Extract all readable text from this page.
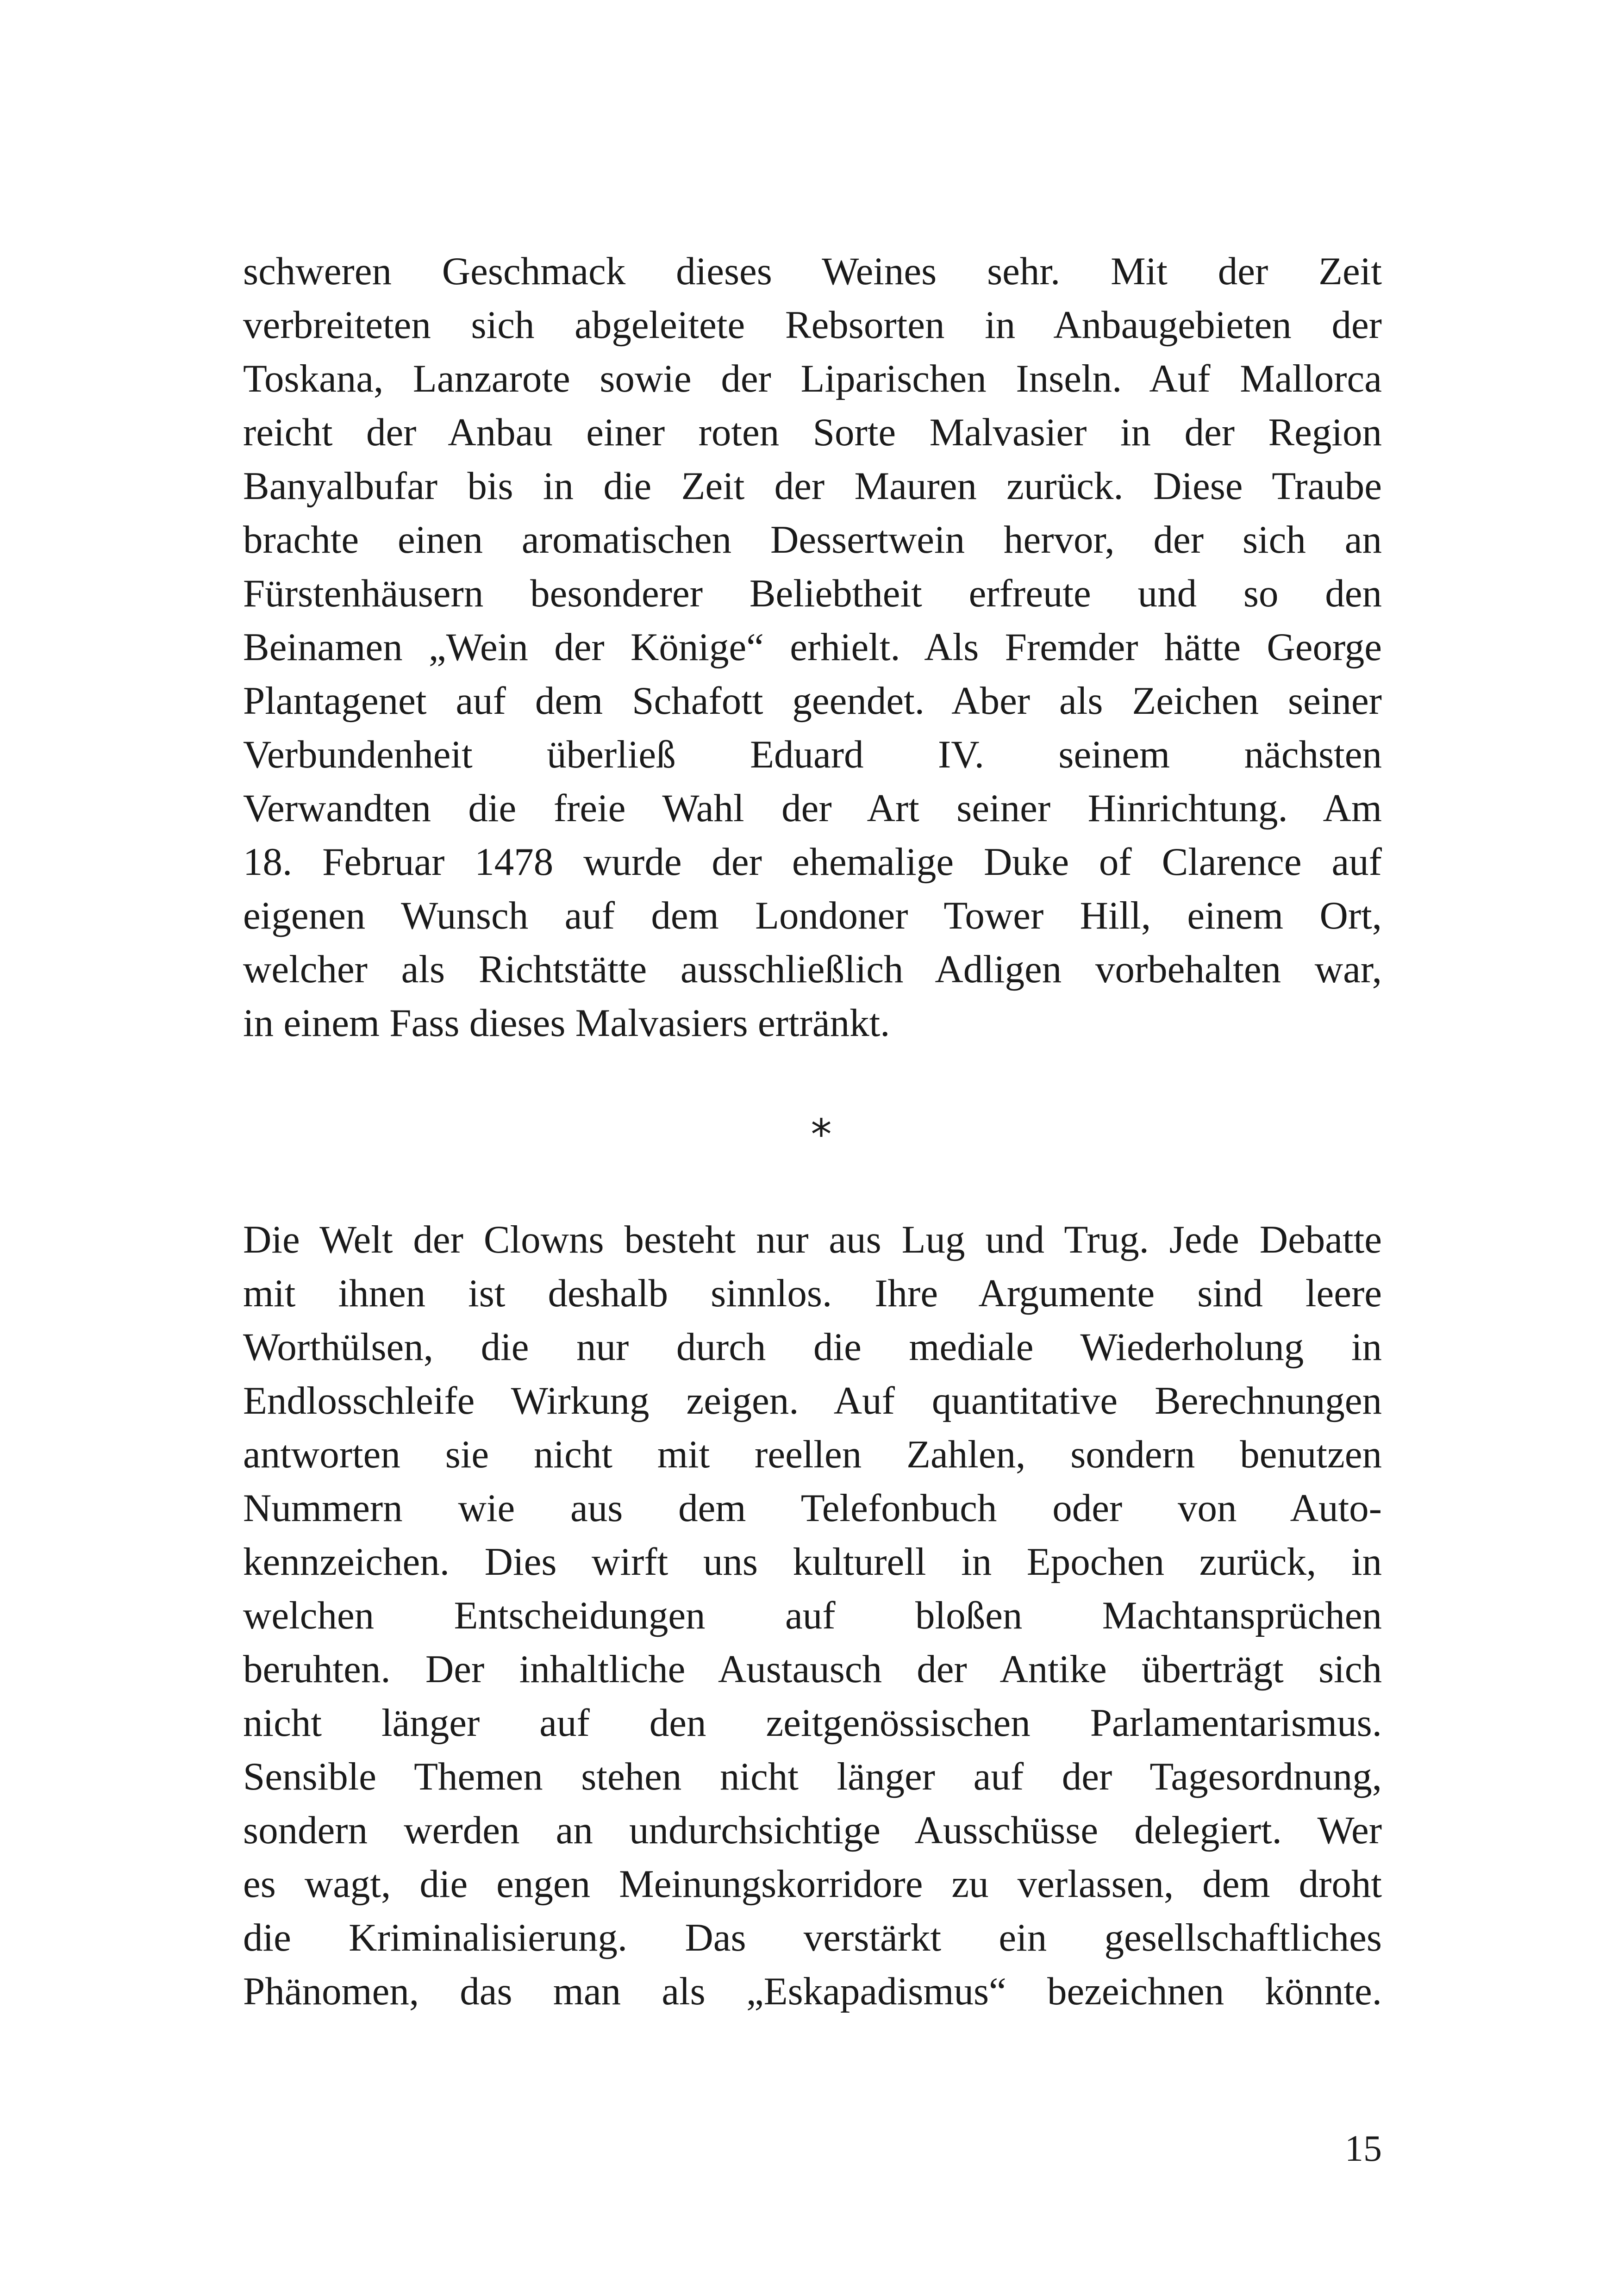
schweren Geschmack dieses Weines sehr. Mit der Zeit
verbreiteten sich abgeleitete Rebsorten in Anbaugebieten der
Toskana, Lanzarote sowie der Liparischen Inseln. Auf Mallorca
reicht der Anbau einer roten Sorte Malvasier in der Region
Banyalbufar bis in die Zeit der Mauren zurück. Diese Traube
brachte einen aromatischen Dessertwein hervor, der sich an
Fürstenhäusern besonderer Beliebtheit erfreute und so den
Beinamen „Wein der Könige“ erhielt. Als Fremder hätte George
Plantagenet auf dem Schafott geendet. Aber als Zeichen seiner
Verbundenheit überließ Eduard IV. seinem nächsten
Verwandten die freie Wahl der Art seiner Hinrichtung. Am
18. Februar 1478 wurde der ehemalige Duke of Clarence auf
eigenen Wunsch auf dem Londoner Tower Hill, einem Ort,
welcher als Richtstätte ausschließlich Adligen vorbehalten war,
in einem Fass dieses Malvasiers ertränkt.
*
Die Welt der Clowns besteht nur aus Lug und Trug. Jede Debatte
mit ihnen ist deshalb sinnlos. Ihre Argumente sind leere
Worthülsen, die nur durch die mediale Wiederholung in
Endlosschleife Wirkung zeigen. Auf quantitative Berechnungen
antworten sie nicht mit reellen Zahlen, sondern benutzen
Nummern wie aus dem Telefonbuch oder von Auto-
kennzeichen. Dies wirft uns kulturell in Epochen zurück, in
welchen Entscheidungen auf bloßen Machtansprüchen
beruhten. Der inhaltliche Austausch der Antike überträgt sich
nicht länger auf den zeitgenössischen Parlamentarismus.
Sensible Themen stehen nicht länger auf der Tagesordnung,
sondern werden an undurchsichtige Ausschüsse delegiert. Wer
es wagt, die engen Meinungskorridore zu verlassen, dem droht
die Kriminalisierung. Das verstärkt ein gesellschaftliches
Phänomen, das man als „Eskapadismus“ bezeichnen könnte.
15
